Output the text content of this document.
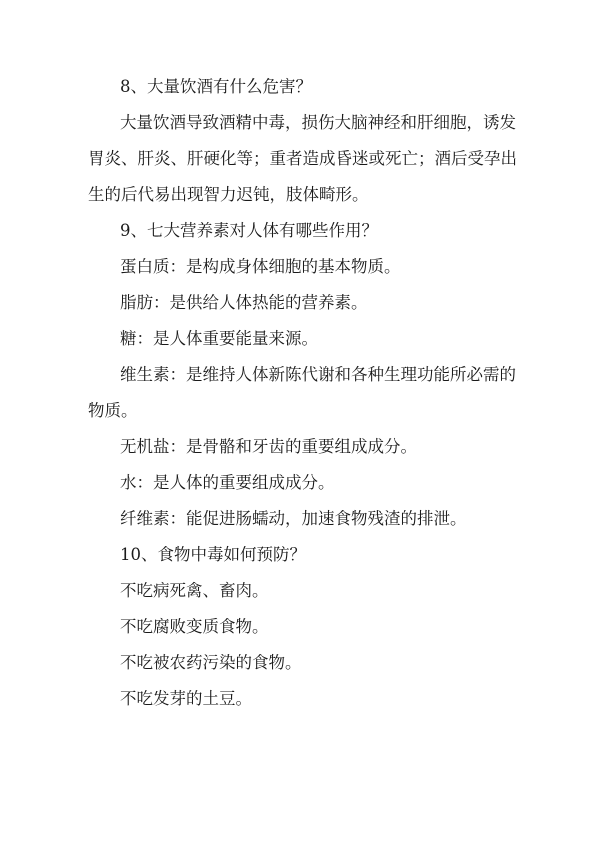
8、大量饮酒有什么危害？
大量饮酒导致酒精中毒，损伤大脑神经和肝细胞，诱发
胃炎、肝炎、肝硬化等；重者造成昏迷或死亡；酒后受孕出
生的后代易出现智力迟钝，肢体畸形。
9、七大营养素对人体有哪些作用？
蛋白质：是构成身体细胞的基本物质。
脂肪：是供给人体热能的营养素。
糖：是人体重要能量来源。
维生素：是维持人体新陈代谢和各种生理功能所必需的
物质。
无机盐：是骨骼和牙齿的重要组成成分。
水：是人体的重要组成成分。
纤维素：能促进肠蠕动，加速食物残渣的排泄。
10、食物中毒如何预防？
不吃病死禽、畜肉。
不吃腐败变质食物。
不吃被农药污染的食物。
不吃发芽的土豆。
